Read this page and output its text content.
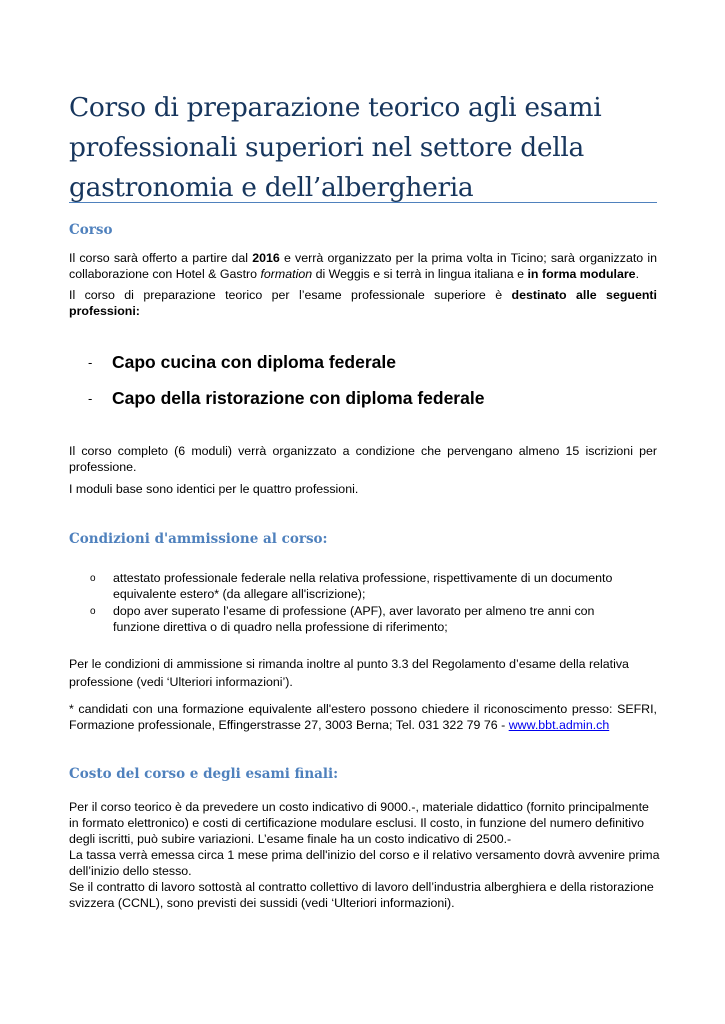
Corso di preparazione teorico agli esami professionali superiori nel settore della gastronomia e dell’albergheria
Corso

Il corso sarà offerto a partire dal 2016 e verrà organizzato per la prima volta in Ticino; sarà organizzato in collaborazione con Hotel & Gastro formation di Weggis e si terrà in lingua italiana e in forma modulare.

Il corso di preparazione teorico per l’esame professionale superiore è destinato alle seguenti professioni:

- Capo cucina con diploma federale
- Capo della ristorazione con diploma federale

Il corso completo (6 moduli) verrà organizzato a condizione che pervengano almeno 15 iscrizioni per professione.

I moduli base sono identici per le quattro professioni.

Condizioni d'ammissione al corso:
o attestato professionale federale nella relativa professione, rispettivamente di un documento equivalente estero* (da allegare all'iscrizione);

o dopo aver superato l’esame di professione (APF), aver lavorato per almeno tre anni con funzione direttiva o di quadro nella professione di riferimento;

Per le condizioni di ammissione si rimanda inoltre al punto 3.3 del Regolamento d’esame della relativa professione (vedi ‘Ulteriori informazioni’).

* candidati con una formazione equivalente all'estero possono chiedere il riconoscimento presso: SEFRI, Formazione professionale, Effingerstrasse 27, 3003 Berna; Tel. 031 322 79 76 - www.bbt.admin.ch

Costo del corso e degli esami finali:
Per il corso teorico è da prevedere un costo indicativo di 9000.-, materiale didattico (fornito principalmente
in formato elettronico) e costi di certificazione modulare esclusi. Il costo, in funzione del numero definitivo
degli iscritti, può subire variazioni. L’esame finale ha un costo indicativo di 2500.-
La tassa verrà emessa circa 1 mese prima dell'inizio del corso e il relativo versamento dovrà avvenire prima
dell’inizio dello stesso.
Se il contratto di lavoro sottostà al contratto collettivo di lavoro dell’industria alberghiera e della ristorazione
svizzera (CCNL), sono previsti dei sussidi (vedi ‘Ulteriori informazioni).
